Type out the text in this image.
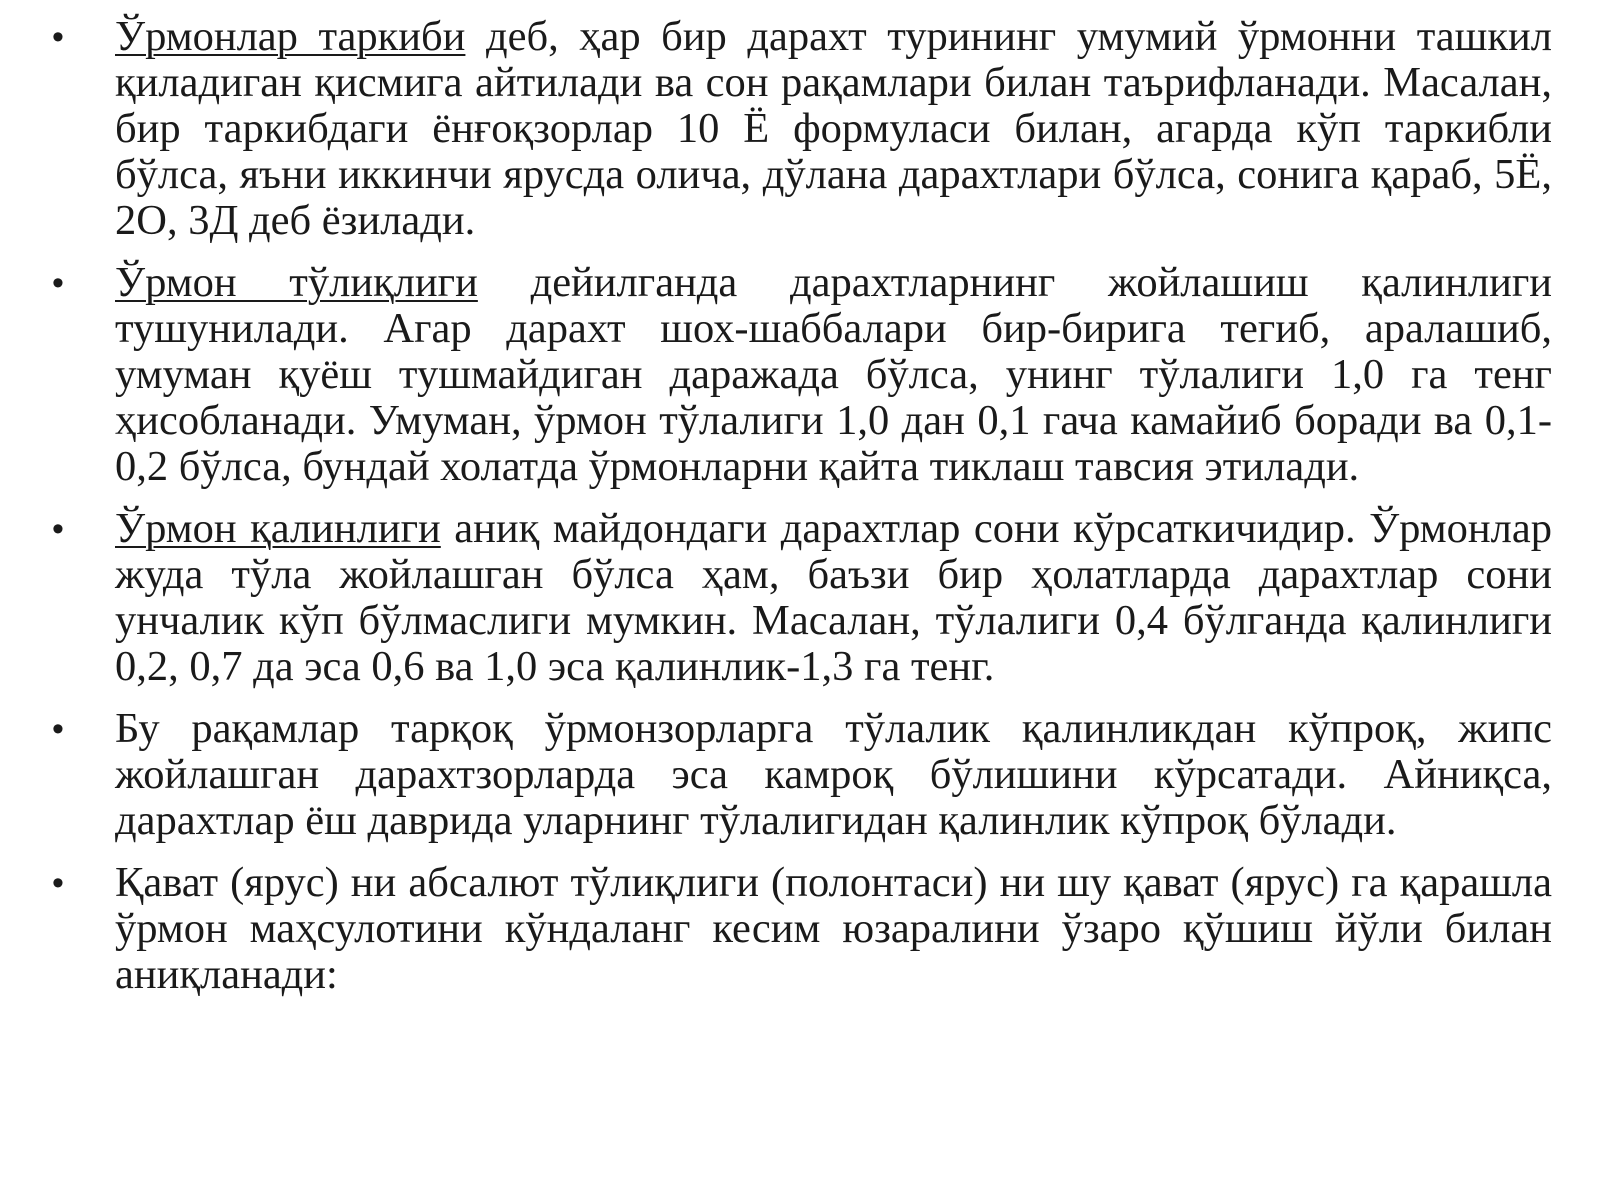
• Ўрмонлар таркиби деб, ҳар бир дарахт турининг умумий ўрмонни ташкил қиладиган қисмига айтилади ва сон рақамлари билан таърифланади. Масалан, бир таркибдаги ёнғоқзорлар 10 Ё формуласи билан, агарда кўп таркибли бўлса, яъни иккинчи ярусда олича, дўлана дарахтлари бўлса, сонига қараб, 5Ё, 2О, 3Д деб ёзилади.
• Ўрмон тўлиқлиги дейилганда дарахтларнинг жойлашиш қалинлиги тушунилади. Агар дарахт шох-шаббалари бир-бирига тегиб, аралашиб, умуман қуёш тушмайдиган даражада бўлса, унинг тўлалиги 1,0 га тенг ҳисобланади. Умуман, ўрмон тўлалиги 1,0 дан 0,1 гача камайиб боради ва 0,1-0,2 бўлса, бундай холатда ўрмонларни қайта тиклаш тавсия этилади.
• Ўрмон қалинлиги аниқ майдондаги дарахтлар сони кўрсаткичидир. Ўрмонлар жуда тўла жойлашган бўлса ҳам, баъзи бир ҳолатларда дарахтлар сони унчалик кўп бўлмаслиги мумкин. Масалан, тўлалиги 0,4 бўлганда қалинлиги 0,2, 0,7 да эса 0,6 ва 1,0 эса қалинлик-1,3 га тенг.
• Бу рақамлар тарқоқ ўрмонзорларга тўлалик қалинликдан кўпроқ, жипс жойлашган дарахтзорларда эса камроқ бўлишини кўрсатади. Айниқса, дарахтлар ёш даврида уларнинг тўлалигидан қалинлик кўпроқ бўлади.
• Қават (ярус) ни абсалют тўлиқлиги (полонтаси) ни шу қават (ярус) га қарашла ўрмон маҳсулотини кўндаланг кесим юзаралини ўзаро қўшиш йўли билан аниқланади:
